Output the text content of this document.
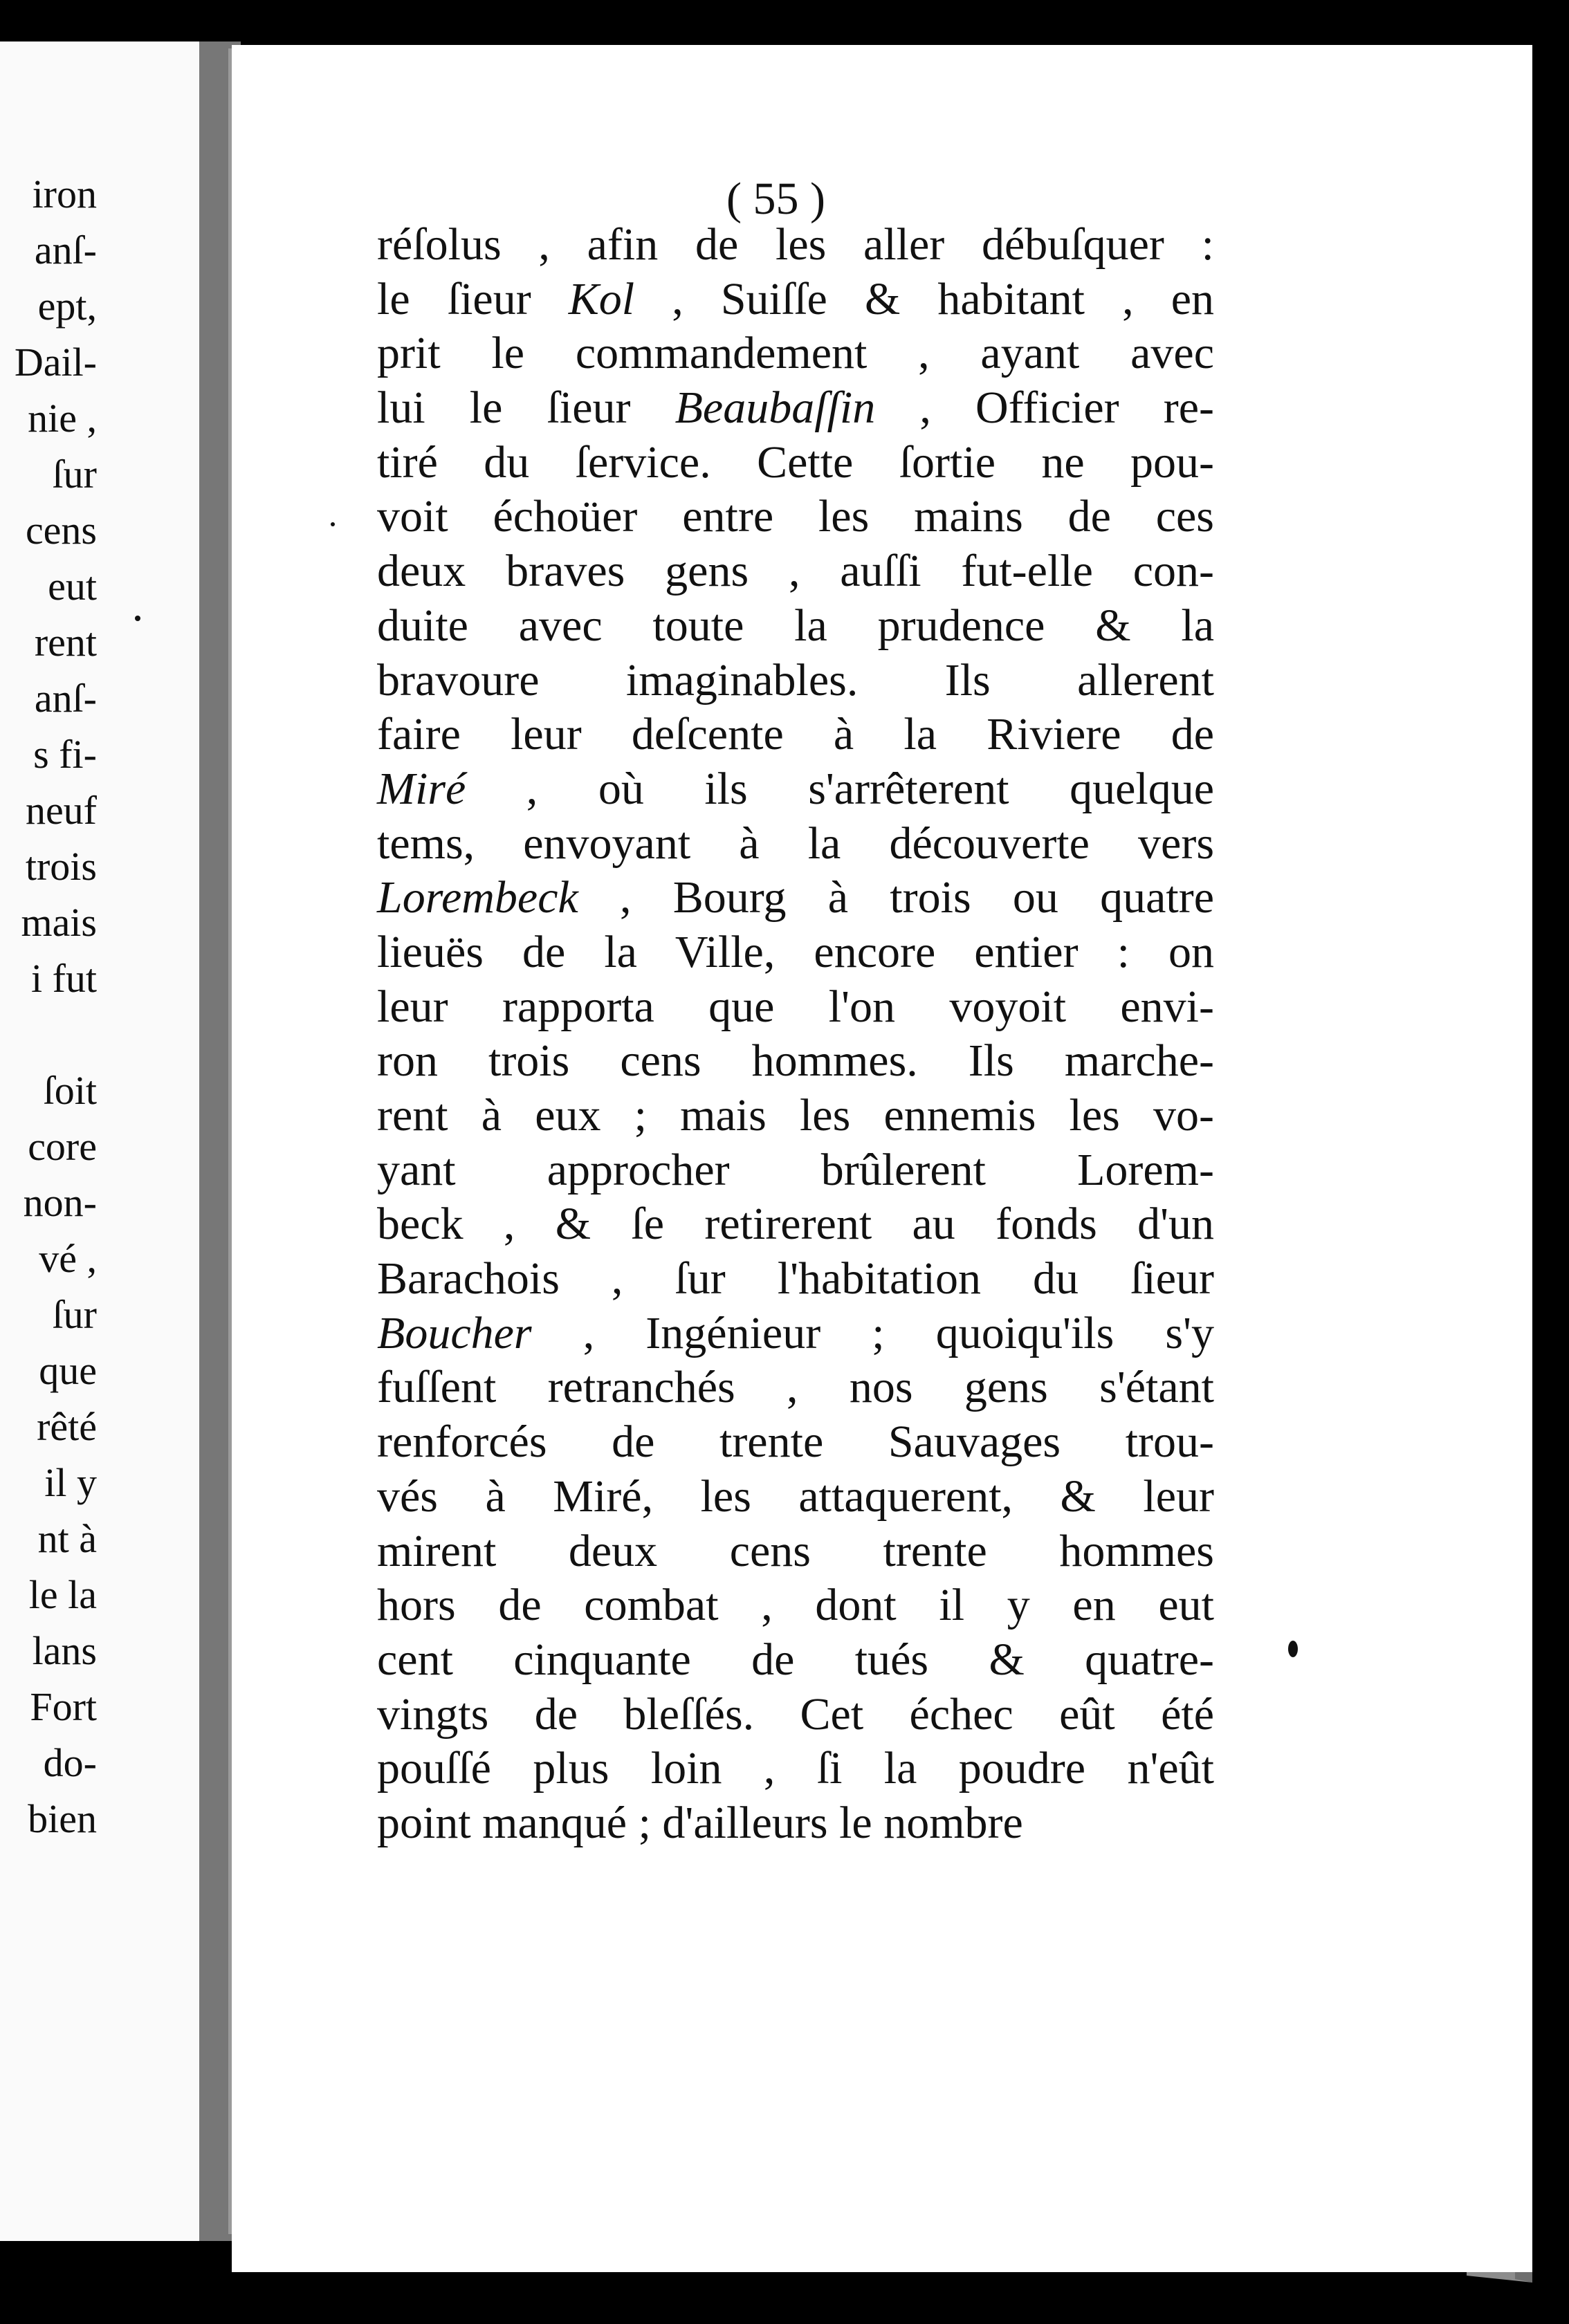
iron
anſ-
ept,
Dail-
nie ,
ſur
cens
eut
rent
anſ-
s fi-
neuf
trois
mais
i fut
ſoit
core
non-
vé ,
ſur
que
rêté
il y
nt à
le la
lans
Fort
do-
bien
( 55 )
réſolus , afin de les aller débuſquer :
le ſieur Kol , Suiſſe & habitant , en
prit le commandement , ayant avec
lui le ſieur Beaubaſſin , Officier re-
tiré du ſervice. Cette ſortie ne pou-
voit échoüer entre les mains de ces
deux braves gens , auſſi fut-elle con-
duite avec toute la prudence & la
bravoure imaginables. Ils allerent
faire leur deſcente à la Riviere de
Miré , où ils s'arrêterent quelque
tems, envoyant à la découverte vers
Lorembeck , Bourg à trois ou quatre
lieuës de la Ville, encore entier : on
leur rapporta que l'on voyoit envi-
ron trois cens hommes. Ils marche-
rent à eux ; mais les ennemis les vo-
yant approcher brûlerent Lorem-
beck , & ſe retirerent au fonds d'un
Barachois , ſur l'habitation du ſieur
Boucher , Ingénieur ; quoiqu'ils s'y
fuſſent retranchés , nos gens s'étant
renforcés de trente Sauvages trou-
vés à Miré, les attaquerent, & leur
mirent deux cens trente hommes
hors de combat , dont il y en eut
cent cinquante de tués & quatre-
vingts de bleſſés. Cet échec eût été
pouſſé plus loin , ſi la poudre n'eût
point manqué ; d'ailleurs le nombre
